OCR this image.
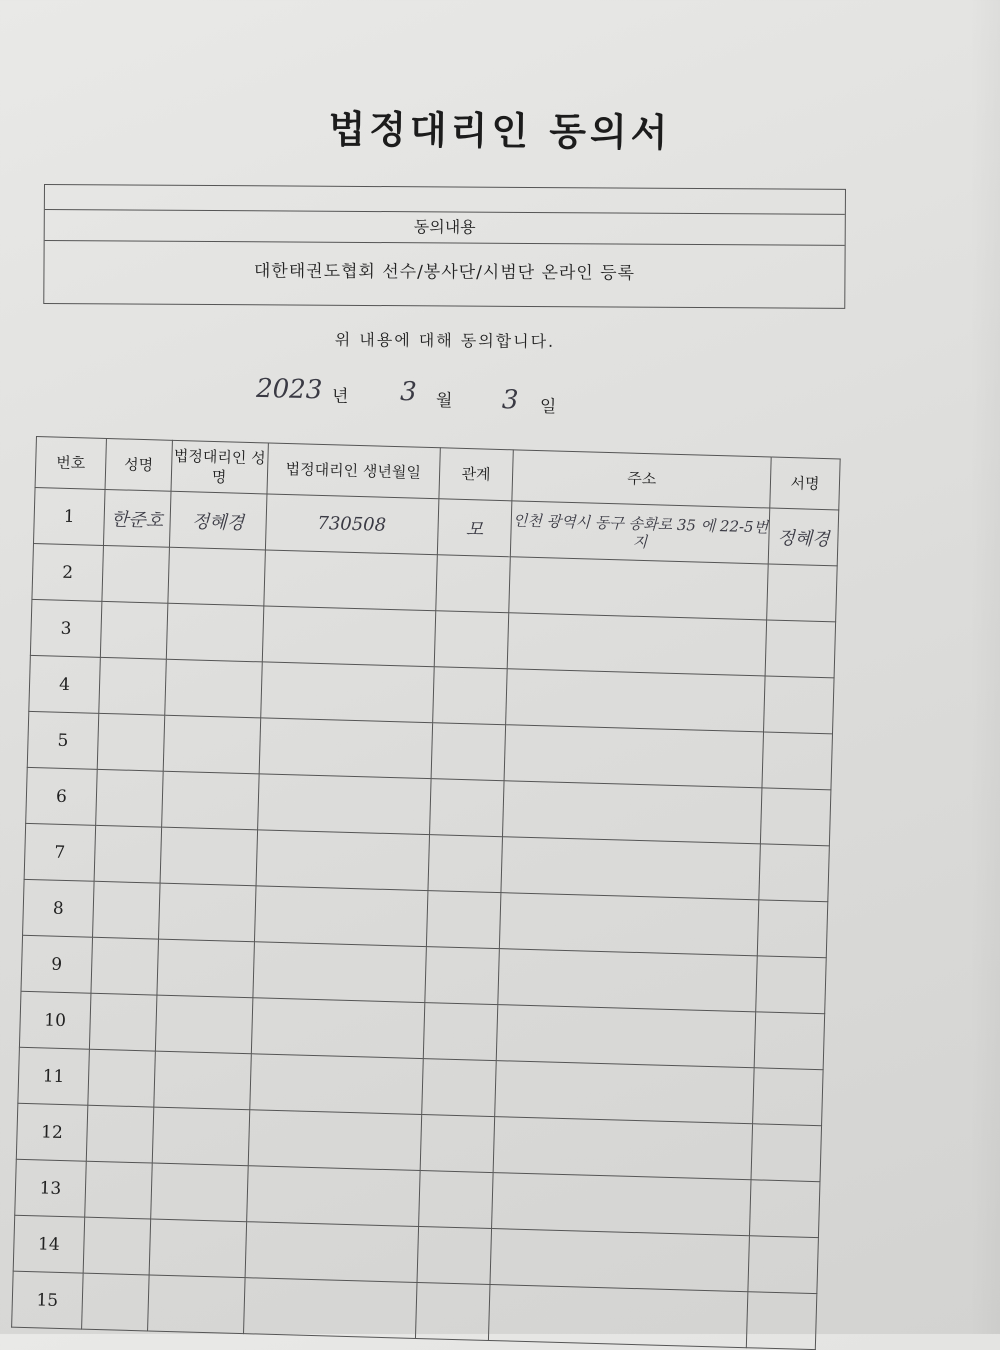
법정대리인 동의서
동의내용
대한태권도협회 선수/봉사단/시범단 온라인 등록
위 내용에 대해 동의합니다.
2023 년 3 월 3 일
번호	성명	법정대리인 성명	법정대리인 생년월일	관계	주소	서명
1	한준호	정혜경	730508	모	인천 광역시 동구 송화로 35 에 22-5번지	정혜경
2						
3						
4						
5						
6						
7						
8						
9						
10						
11						
12						
13						
14						
15						
